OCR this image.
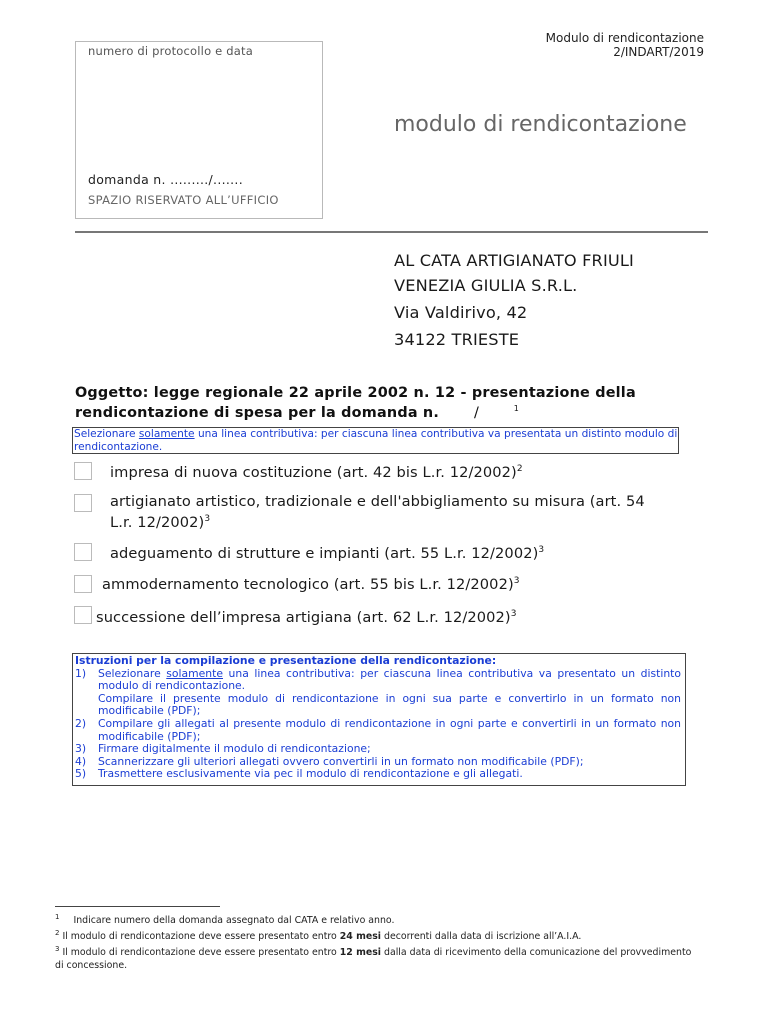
Modulo di rendicontazione
2/INDART/2019
numero di protocollo e data
domanda n. ........./.......
SPAZIO RISERVATO ALL’UFFICIO
modulo di rendicontazione
AL CATA ARTIGIANATO FRIULI
VENEZIA GIULIA S.R.L.
Via Valdirivo, 42
34122 TRIESTE
Oggetto: legge regionale 22 aprile 2002 n. 12 - presentazione della
rendicontazione di spesa per la domanda n. /	$^1$
Selezionare solamente una linea contributiva: per ciascuna linea contributiva va presentata un distinto modulo di rendicontazione.
impresa di nuova costituzione (art. 42 bis L.r. 12/2002)$^2$
artigianato artistico, tradizionale e dell'abbigliamento su misura (art. 54
L.r. 12/2002)$^3$
adeguamento di strutture e impianti (art. 55 L.r. 12/2002)$^3$
ammodernamento tecnologico (art. 55 bis L.r. 12/2002)$^3$
successione dell’impresa artigiana (art. 62 L.r. 12/2002)$^3$
Istruzioni per la compilazione e presentazione della rendicontazione:
1)	Selezionare solamente una linea contributiva: per ciascuna linea contributiva va presentato un distinto modulo di rendicontazione.
Compilare il presente modulo di rendicontazione in ogni sua parte e convertirlo in un formato non modificabile (PDF);
2)	Compilare gli allegati al presente modulo di rendicontazione in ogni parte e convertirli in un formato non modificabile (PDF);
3)	Firmare digitalmente il modulo di rendicontazione;
4)	Scannerizzare gli ulteriori allegati ovvero convertirli in un formato non modificabile (PDF);
5)	Trasmettere esclusivamente via pec il modulo di rendicontazione e gli allegati.
$^1$ Indicare numero della domanda assegnato dal CATA e relativo anno.
$^2$ Il modulo di rendicontazione deve essere presentato entro 24 mesi decorrenti dalla data di iscrizione all’A.I.A.
$^3$ Il modulo di rendicontazione deve essere presentato entro 12 mesi dalla data di ricevimento della comunicazione del provvedimento di concessione.
